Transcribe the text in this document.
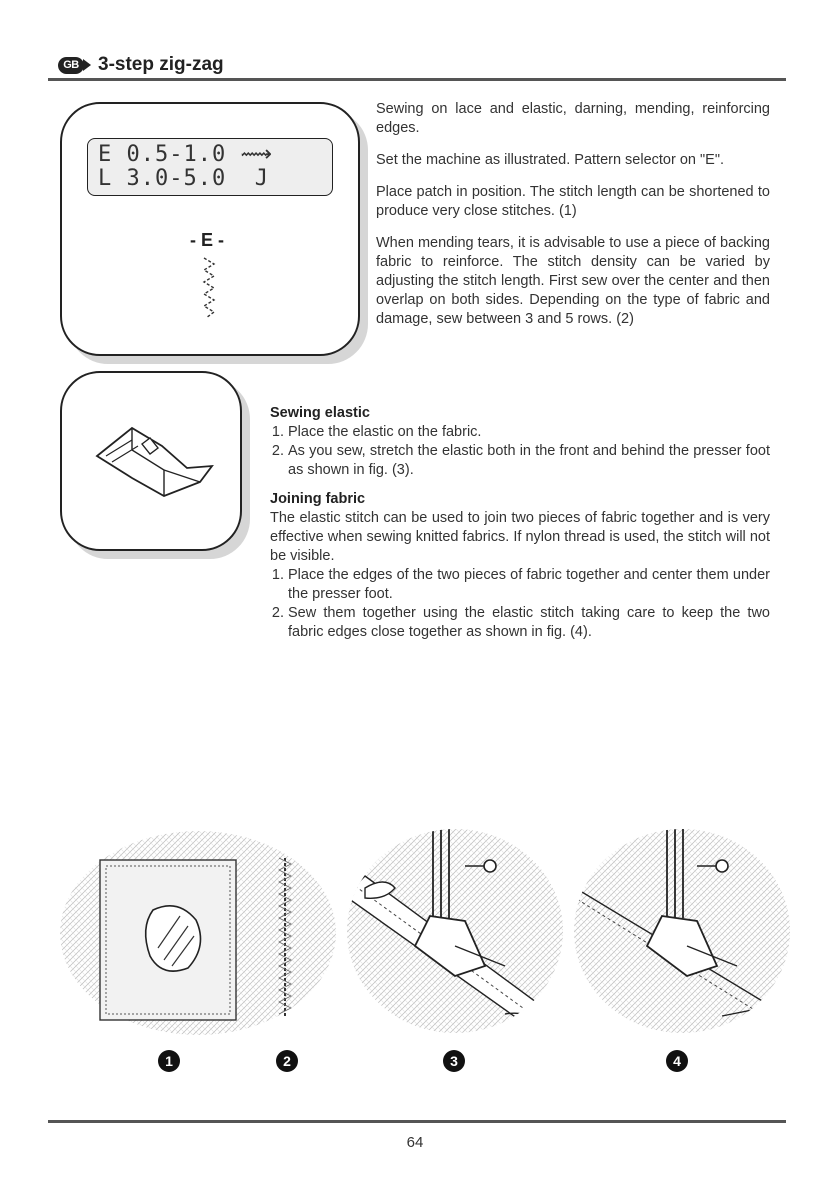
GB 3-step zig-zag
E 0.5-1.0 ⟿
L 3.0-5.0  J
- E -

Sewing on lace and elastic, darning, mending, reinforcing edges.

Set the machine as illustrated. Pattern selector on "E".

Place patch in position. The stitch length can be shortened to produce very close stitches. (1)

When mending tears, it is advisable to use a piece of backing fabric to reinforce. The stitch density can be varied by adjusting the stitch length. First sew over the center and then overlap on both sides. Depending on the type of fabric and damage, sew between 3 and 5 rows. (2)

Sewing elastic

1. Place the elastic on the fabric.
2. As you sew, stretch the elastic both in the front and behind the presser foot as shown in fig. (3).

Joining fabric

The elastic stitch can be used to join two pieces of fabric together and is very effective when sewing knitted fabrics. If nylon thread is used, the stitch will not be visible.

1. Place the edges of the two pieces of fabric together and center them under the presser foot.
2. Sew them together using the elastic stitch taking care to keep the two fabric edges close together as shown in fig. (4).
1	2	3	4
64
